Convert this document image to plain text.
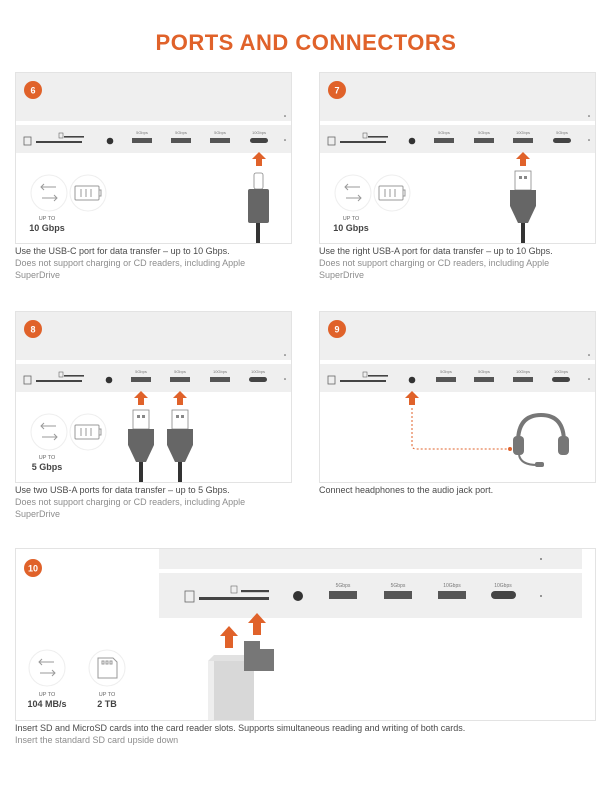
PORTS AND CONNECTORS
6
5Gbps	5Gbps	5Gbps	10Gbps
UP TO
10 Gbps
Use the USB-C port for data transfer – up to 10 Gbps.
Does not support charging or CD readers, including Apple
SuperDrive
7
5Gbps	5Gbps	10Gbps	5Gbps
UP TO
10 Gbps
Use the right USB-A port for data transfer – up to 10 Gbps.
Does not support charging or CD readers, including Apple
SuperDrive
8
5Gbps	5Gbps	10Gbps	10Gbps
UP TO
5 Gbps
Use two USB-A ports for data transfer – up to 5 Gbps.
Does not support charging or CD readers, including Apple
SuperDrive
9
5Gbps	5Gbps	10Gbps	10Gbps
Connect headphones to the audio jack port.
10
5Gbps	5Gbps	10Gbps	10Gbps
UP TO
104 MB/s
UP TO
2 TB
Insert SD and MicroSD cards into the card reader slots. Supports simultaneous reading and writing of both cards.
Insert the standard SD card upside down
